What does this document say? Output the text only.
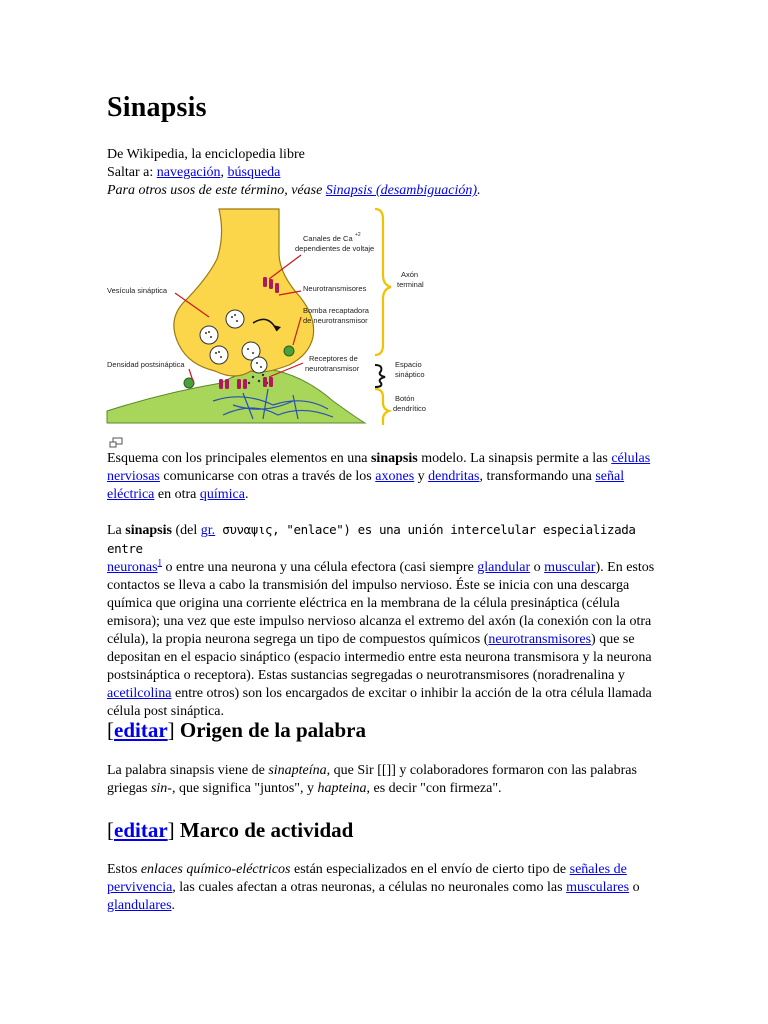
Sinapsis
De Wikipedia, la enciclopedia libre
Saltar a: navegación, búsqueda
Para otros usos de este término, véase Sinapsis (desambiguación).
Canales de Ca +2
dependientes de voltaje
Vesícula sináptica	Neurotransmisores
Bomba recaptadora
de neurotransmisor
Densidad postsináptica
Receptores de
neurotransmisor
Axón
terminal
Espacio
sináptico
Botón
dendrítico
Esquema con los principales elementos en una sinapsis modelo. La sinapsis permite a las células nerviosas comunicarse con otras a través de los axones y dendritas, transformando una señal eléctrica en otra química.
La sinapsis (del gr. συναψις, "enlace") es una unión intercelular especializada entre
neuronas$^1$ o entre una neurona y una célula efectora (casi siempre glandular o muscular). En estos contactos se lleva a cabo la transmisión del impulso nervioso. Éste se inicia con una descarga química que origina una corriente eléctrica en la membrana de la célula presináptica (célula emisora); una vez que este impulso nervioso alcanza el extremo del axón (la conexión con la otra célula), la propia neurona segrega un tipo de compuestos químicos (neurotransmisores) que se depositan en el espacio sináptico (espacio intermedio entre esta neurona transmisora y la neurona postsináptica o receptora). Estas sustancias segregadas o neurotransmisores (noradrenalina y acetilcolina entre otros) son los encargados de excitar o inhibir la acción de la otra célula llamada célula post sináptica.
[editar] Origen de la palabra
La palabra sinapsis viene de sinapteína, que Sir [[]] y colaboradores formaron con las palabras griegas sin-, que significa "juntos", y hapteina, es decir "con firmeza".
[editar] Marco de actividad
Estos enlaces químico-eléctricos están especializados en el envío de cierto tipo de señales de pervivencia, las cuales afectan a otras neuronas, a células no neuronales como las musculares o glandulares.
